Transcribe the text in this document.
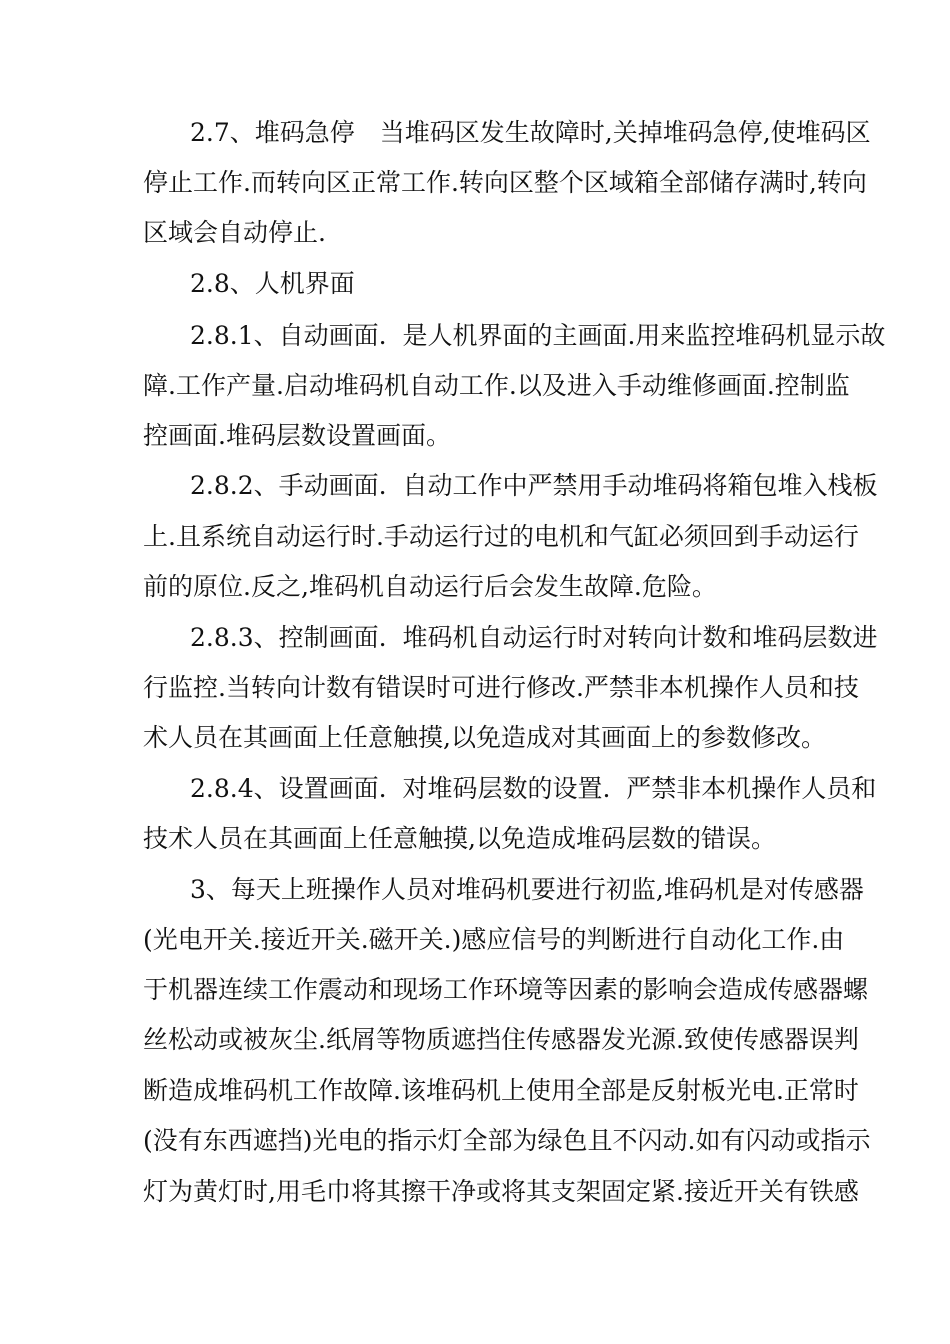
2.7、堆码急停　当堆码区发生故障时,关掉堆码急停,使堆码区
停止工作.而转向区正常工作.转向区整个区域箱全部储存满时,转向
区域会自动停止.
2.8、人机界面
2.8.1、自动画面.  是人机界面的主画面.用来监控堆码机显示故
障.工作产量.启动堆码机自动工作.以及进入手动维修画面.控制监
控画面.堆码层数设置画面。
2.8.2、手动画面.  自动工作中严禁用手动堆码将箱包堆入栈板
上.且系统自动运行时.手动运行过的电机和气缸必须回到手动运行
前的原位.反之,堆码机自动运行后会发生故障.危险。
2.8.3、控制画面.  堆码机自动运行时对转向计数和堆码层数进
行监控.当转向计数有错误时可进行修改.严禁非本机操作人员和技
术人员在其画面上任意触摸,以免造成对其画面上的参数修改。
2.8.4、设置画面.  对堆码层数的设置.  严禁非本机操作人员和
技术人员在其画面上任意触摸,以免造成堆码层数的错误。
3、每天上班操作人员对堆码机要进行初监,堆码机是对传感器
(光电开关.接近开关.磁开关.)感应信号的判断进行自动化工作.由
于机器连续工作震动和现场工作环境等因素的影响会造成传感器螺
丝松动或被灰尘.纸屑等物质遮挡住传感器发光源.致使传感器误判
断造成堆码机工作故障.该堆码机上使用全部是反射板光电.正常时
(没有东西遮挡)光电的指示灯全部为绿色且不闪动.如有闪动或指示
灯为黄灯时,用毛巾将其擦干净或将其支架固定紧.接近开关有铁感
